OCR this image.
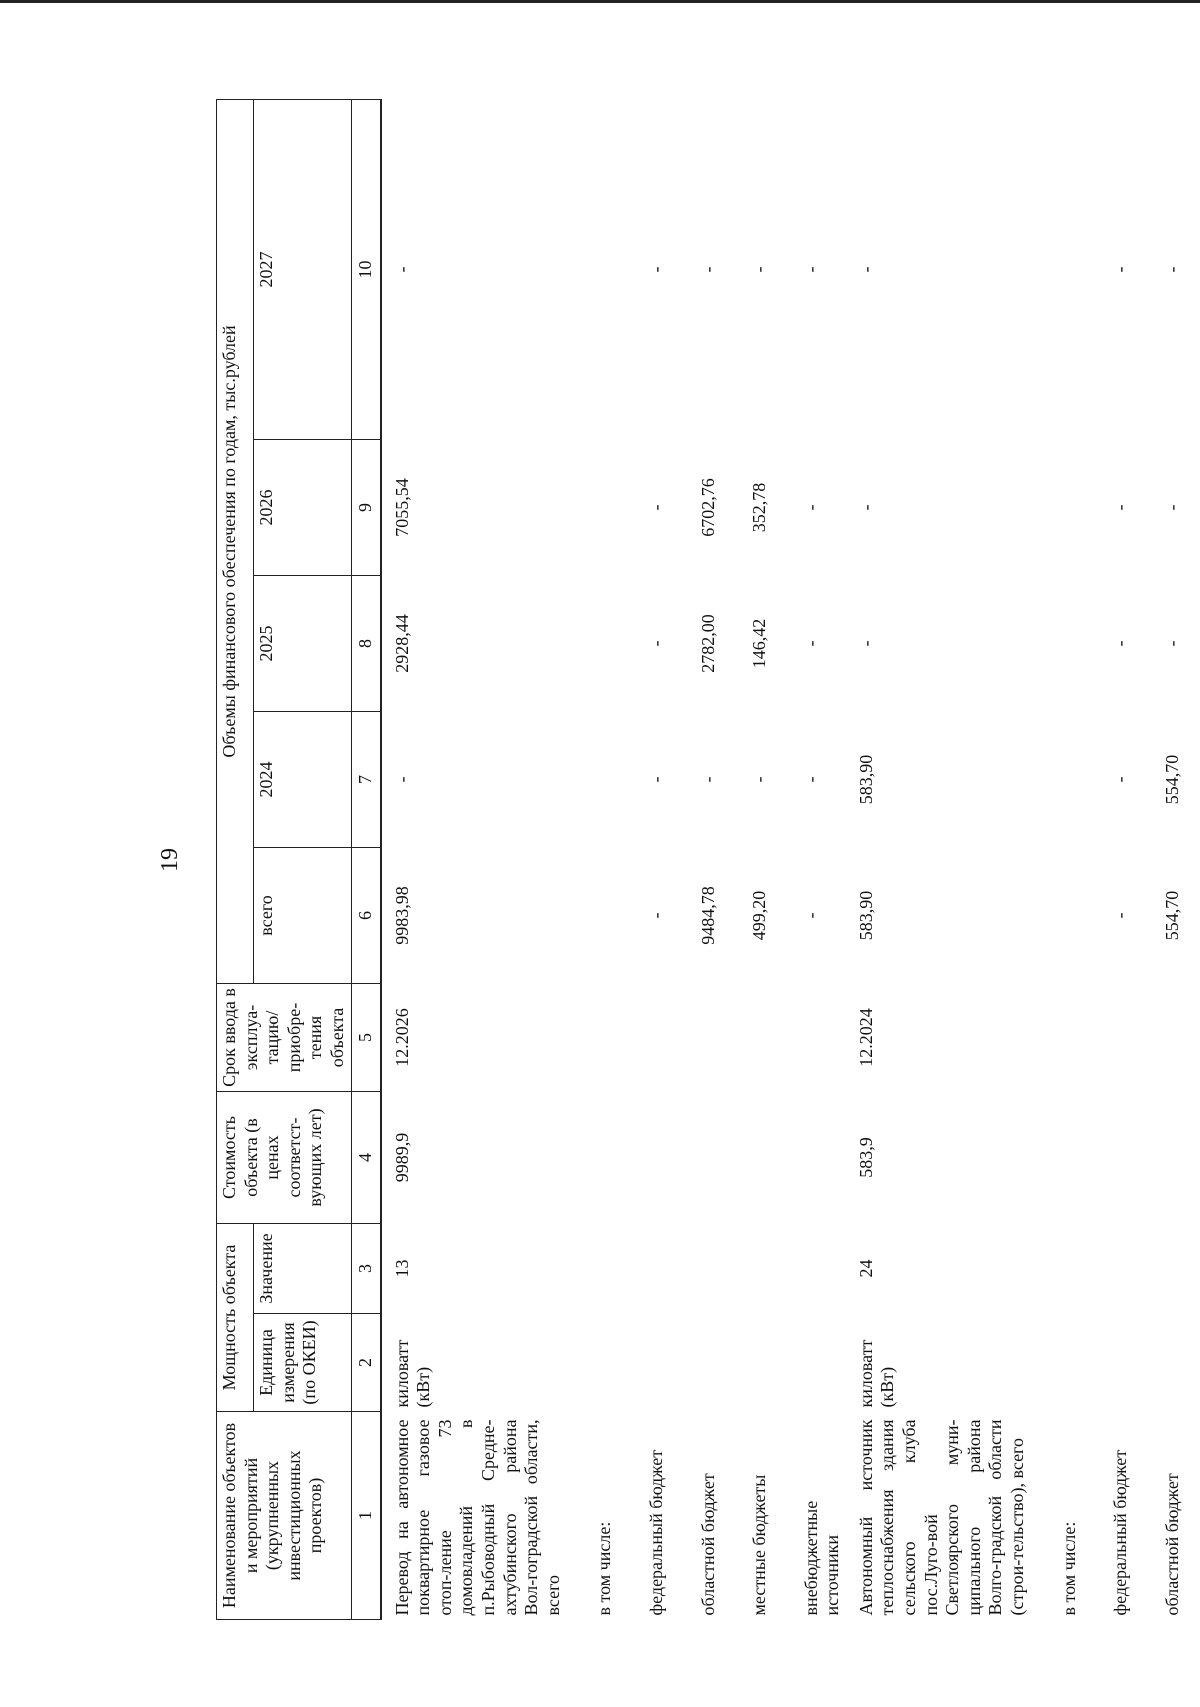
19
Наименование объектов и мероприятий (укрупненных инвестиционных проектов)	Мощность объекта		Стоимость объекта (в ценах соответст-вующих лет)	Срок ввода в эксплуа-тацию/ приобре-тения объекта	Объемы финансового обеспечения по годам, тыс.рублей				
	Единица измерения (по ОКЕИ)	Значение			всего	2024	2025	2026	2027
1	2	3	4	5	6	7	8	9	10
Перевод на автономное поквартирное газовое отоп-ление 73 домовладений в п.Рыбоводный Средне-ахтубинского района Вол-гоградской области, всего	киловатт (кВт)	13	9989,9	12.2026	9983,98	-	2928,44	7055,54	-
в том числе:									
федеральный бюджет					-	-	-	-	-
областной бюджет					9484,78	-	2782,00	6702,76	-
местные бюджеты					499,20	-	146,42	352,78	-
внебюджетные источники					-	-	-	-	-
Автономный источник теплоснабжения здания сельского клуба пос.Луго-вой Светлоярского муни-ципального района Волго-градской области (строи-тельство), всего	киловатт (кВт)	24	583,9	12.2024	583,90	583,90	-	-	-
в том числе:									
федеральный бюджет					-	-	-	-	-
областной бюджет					554,70	554,70	-	-	-
